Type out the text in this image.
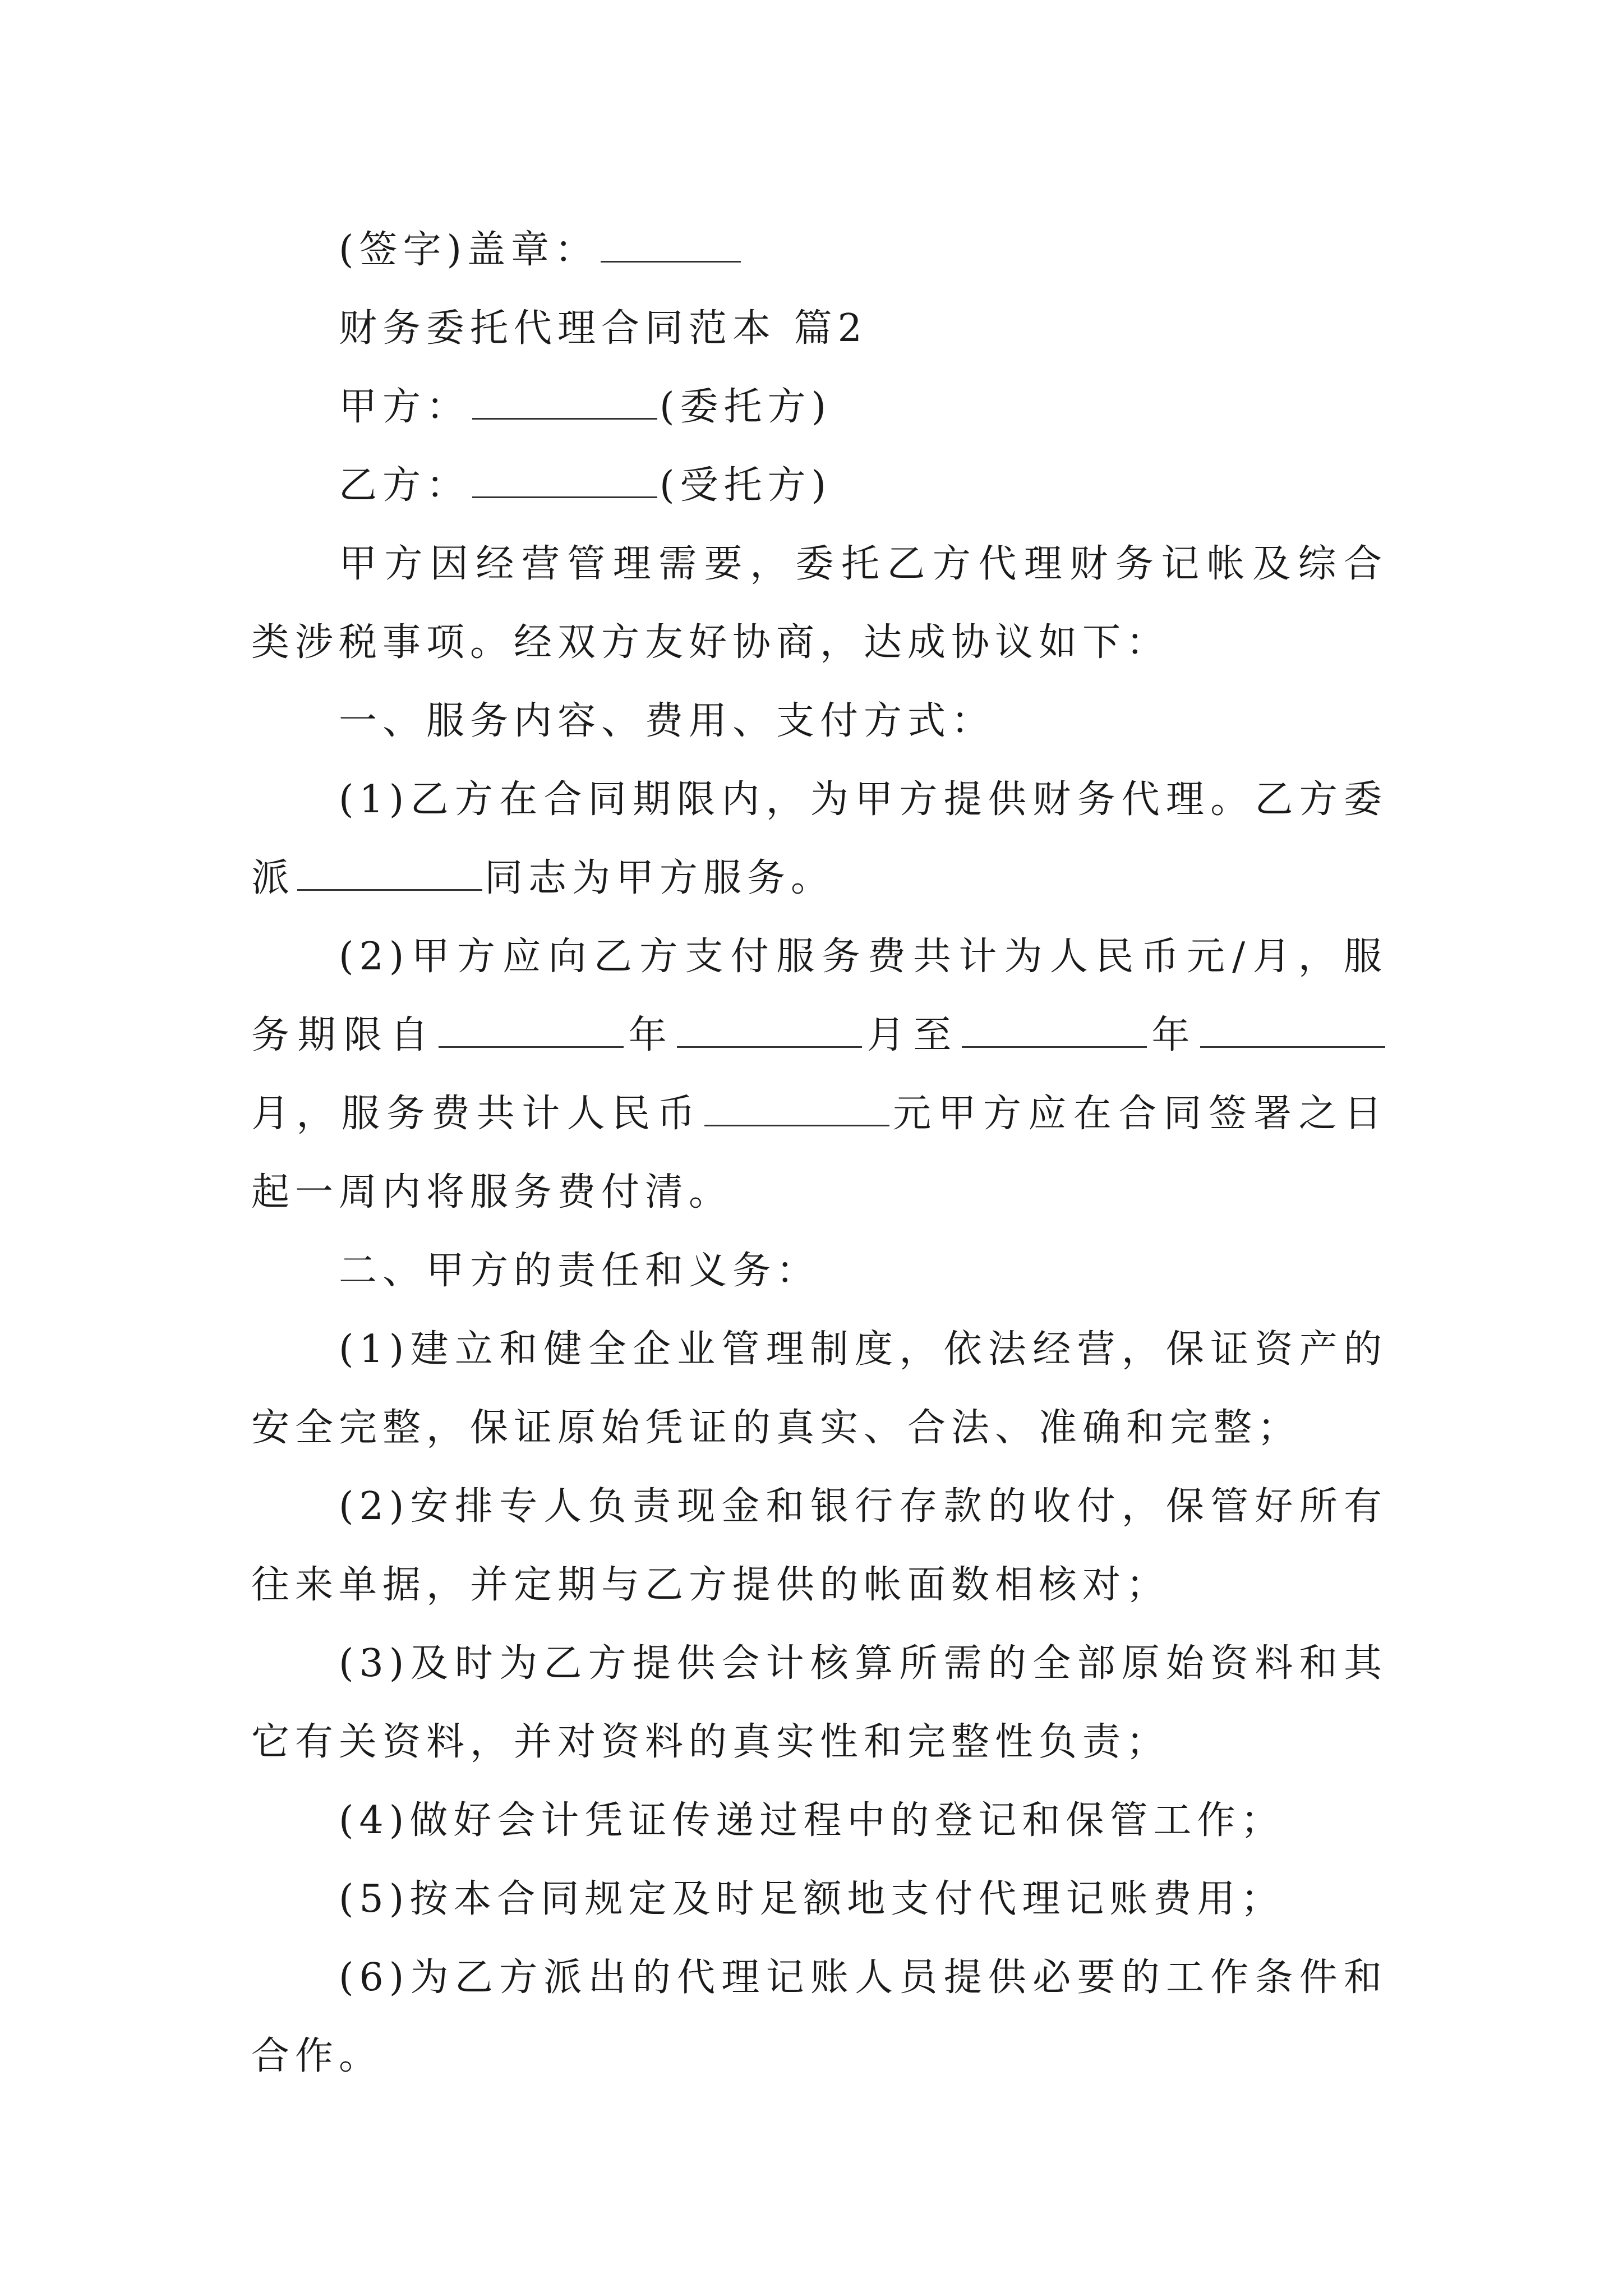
(签字)盖章：

财务委托代理合同范本 篇2

甲方：	(委托方)

乙方：	(受托方)

甲方因经营管理需要，委托乙方代理财务记帐及综合类涉税事项。经双方友好协商，达成协议如下：

一、服务内容、费用、支付方式：

(1)乙方在合同期限内，为甲方提供财务代理。乙方委派	同志为甲方服务。

(2)甲方应向乙方支付服务费共计为人民币元/月，服务期限自	年	月至	年月，服务费共计人民币	元甲方应在合同签署之日起一周内将服务费付清。

二、甲方的责任和义务：

(1)建立和健全企业管理制度，依法经营，保证资产的安全完整，保证原始凭证的真实、合法、准确和完整；

(2)安排专人负责现金和银行存款的收付，保管好所有往来单据，并定期与乙方提供的帐面数相核对；

(3)及时为乙方提供会计核算所需的全部原始资料和其它有关资料，并对资料的真实性和完整性负责；

(4)做好会计凭证传递过程中的登记和保管工作；

(5)按本合同规定及时足额地支付代理记账费用；

(6)为乙方派出的代理记账人员提供必要的工作条件和合作。
